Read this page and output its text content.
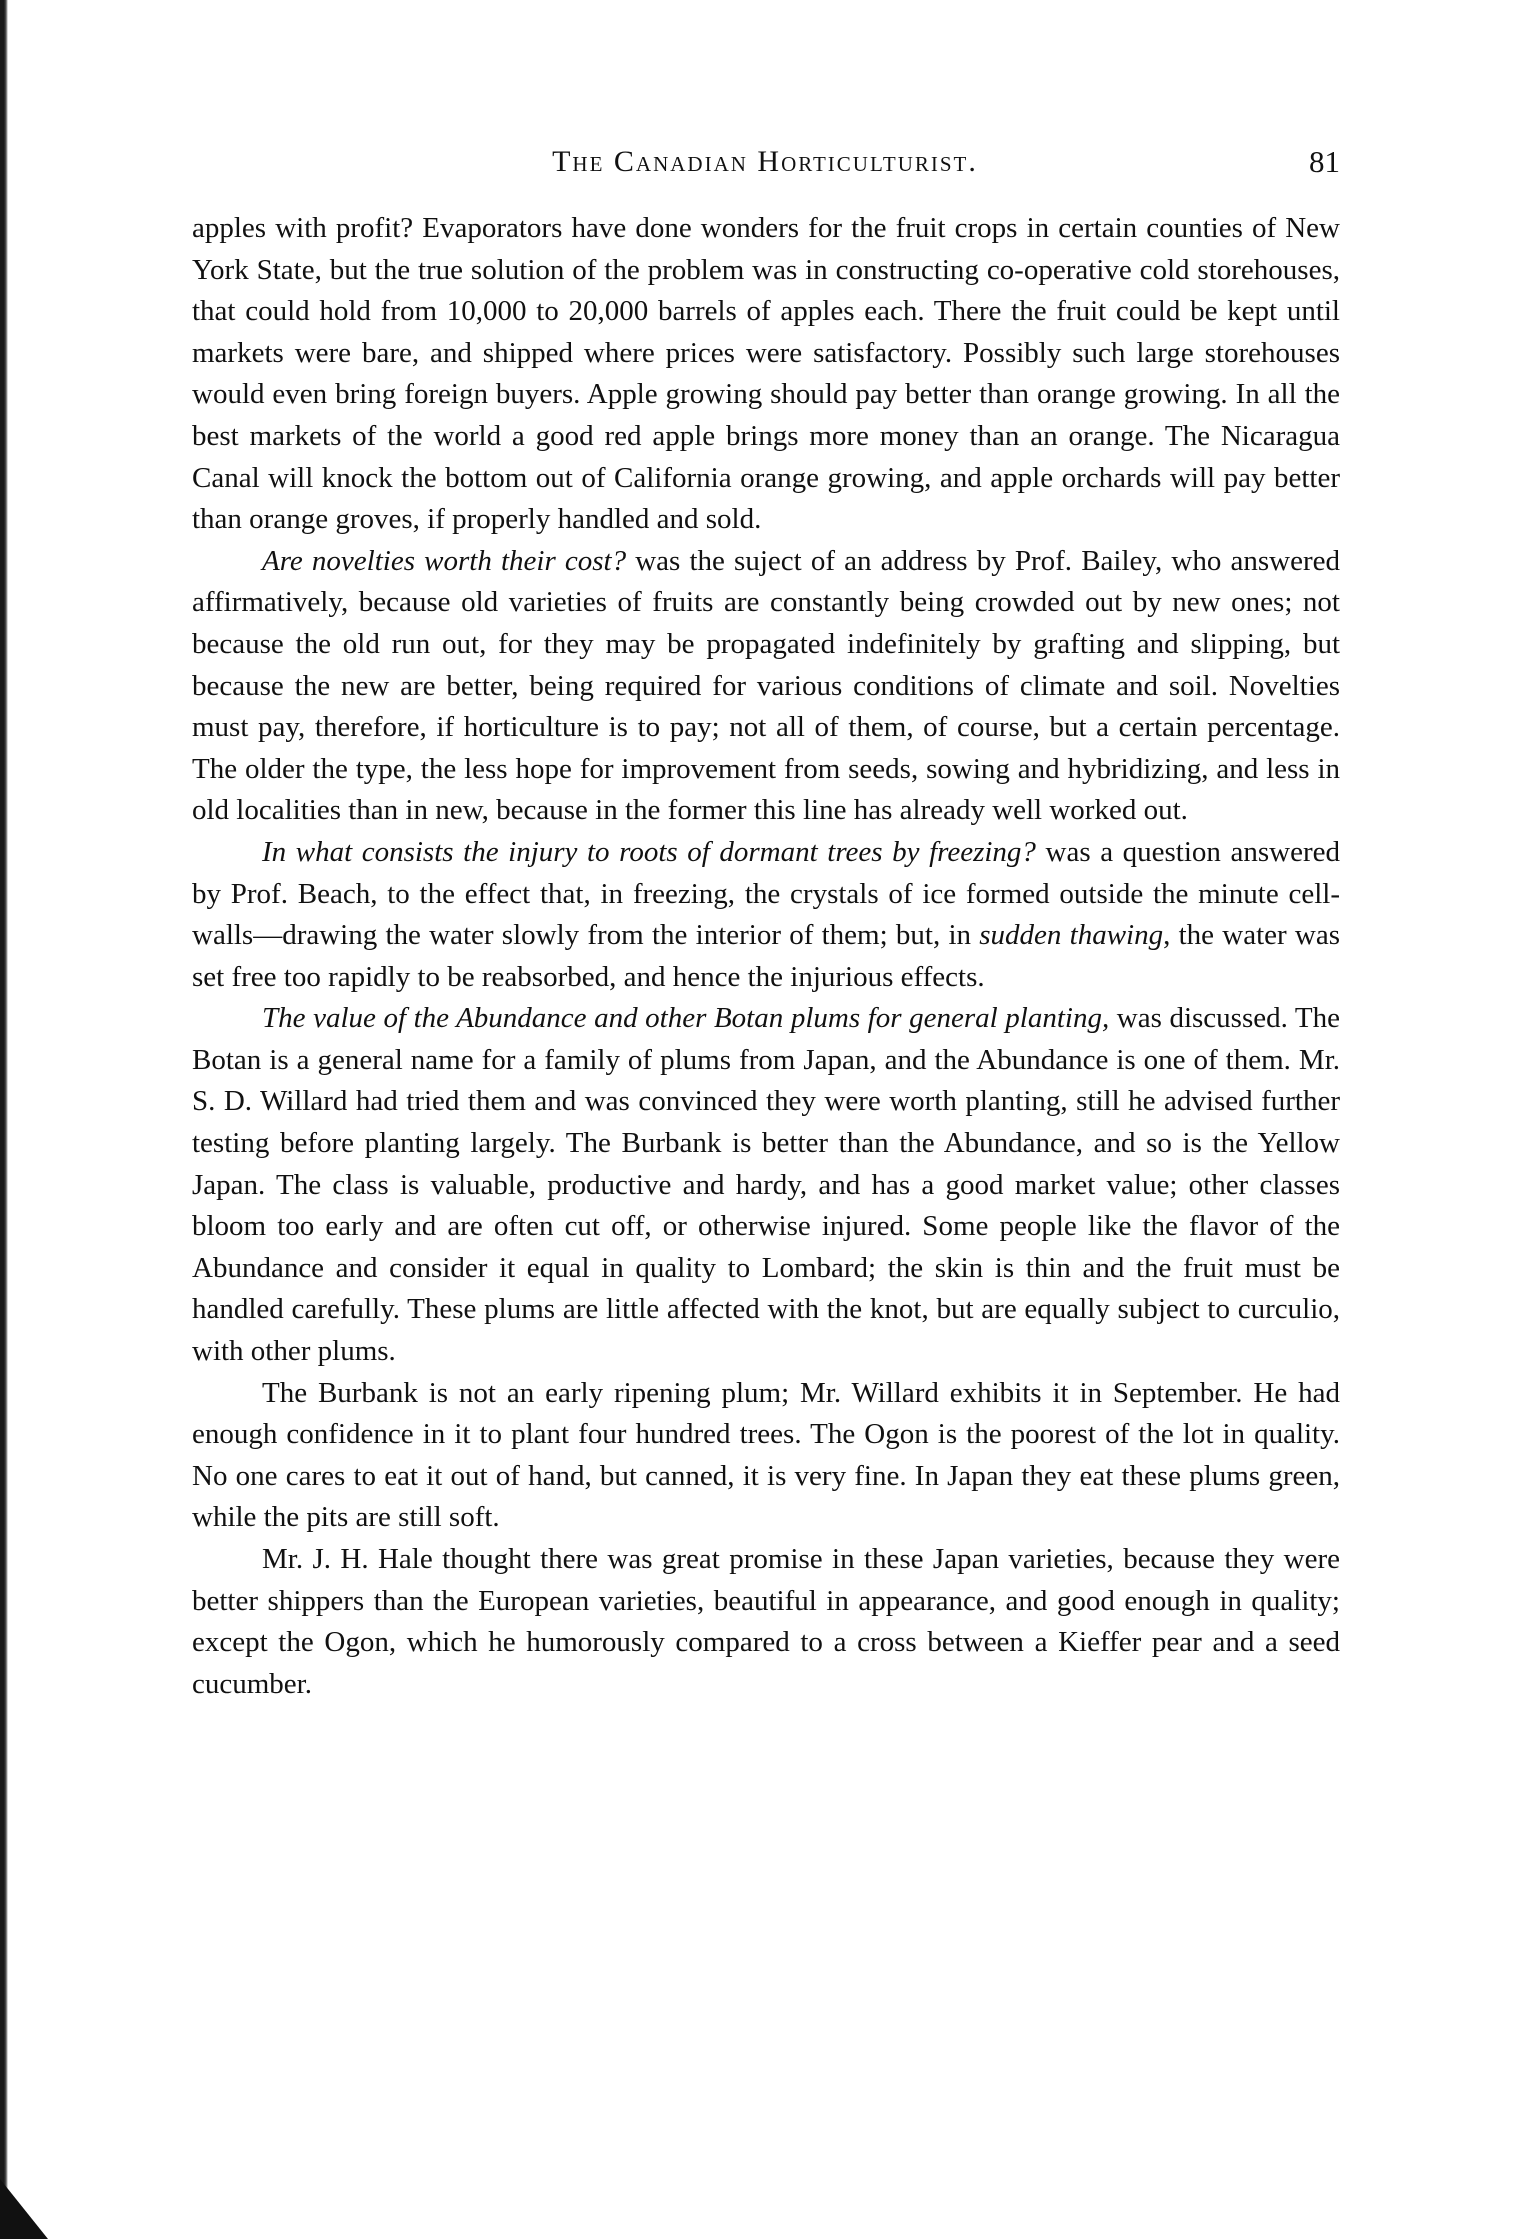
The Canadian Horticulturist.	81

apples with profit? Evaporators have done wonders for the fruit crops in certain counties of New York State, but the true solution of the problem was in constructing co-operative cold storehouses, that could hold from 10,000 to 20,000 barrels of apples each. There the fruit could be kept until markets were bare, and shipped where prices were satisfactory. Possibly such large storehouses would even bring foreign buyers. Apple growing should pay better than orange growing. In all the best markets of the world a good red apple brings more money than an orange. The Nicaragua Canal will knock the bottom out of California orange growing, and apple orchards will pay better than orange groves, if properly handled and sold.

Are novelties worth their cost? was the suject of an address by Prof. Bailey, who answered affirmatively, because old varieties of fruits are constantly being crowded out by new ones; not because the old run out, for they may be propagated indefinitely by grafting and slipping, but because the new are better, being required for various conditions of climate and soil. Novelties must pay, therefore, if horticulture is to pay; not all of them, of course, but a certain percentage. The older the type, the less hope for improvement from seeds, sowing and hybridizing, and less in old localities than in new, because in the former this line has already well worked out.

In what consists the injury to roots of dormant trees by freezing? was a question answered by Prof. Beach, to the effect that, in freezing, the crystals of ice formed outside the minute cell-walls—drawing the water slowly from the interior of them; but, in sudden thawing, the water was set free too rapidly to be reabsorbed, and hence the injurious effects.

The value of the Abundance and other Botan plums for general planting, was discussed. The Botan is a general name for a family of plums from Japan, and the Abundance is one of them. Mr. S. D. Willard had tried them and was convinced they were worth planting, still he advised further testing before planting largely. The Burbank is better than the Abundance, and so is the Yellow Japan. The class is valuable, productive and hardy, and has a good market value; other classes bloom too early and are often cut off, or otherwise injured. Some people like the flavor of the Abundance and consider it equal in quality to Lombard; the skin is thin and the fruit must be handled carefully. These plums are little affected with the knot, but are equally subject to curculio, with other plums.

The Burbank is not an early ripening plum; Mr. Willard exhibits it in September. He had enough confidence in it to plant four hundred trees. The Ogon is the poorest of the lot in quality. No one cares to eat it out of hand, but canned, it is very fine. In Japan they eat these plums green, while the pits are still soft.

Mr. J. H. Hale thought there was great promise in these Japan varieties, because they were better shippers than the European varieties, beautiful in appearance, and good enough in quality; except the Ogon, which he humorously compared to a cross between a Kieffer pear and a seed cucumber.
